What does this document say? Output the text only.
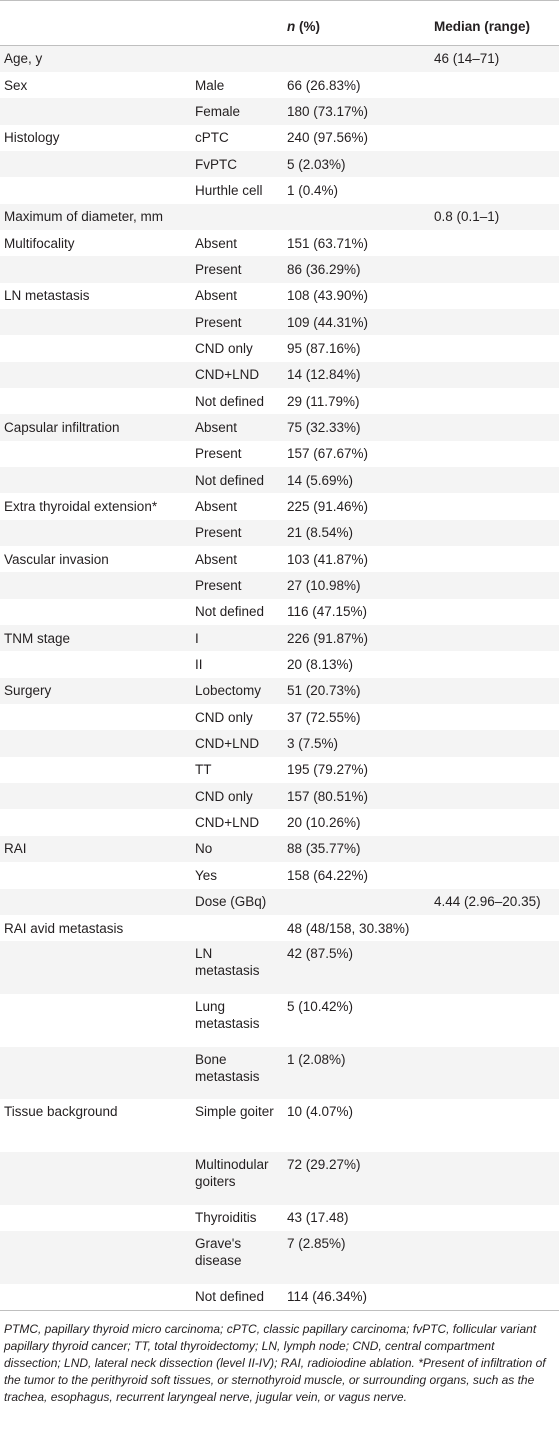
		n (%)	Median (range)
Age, y			46 (14–71)
Sex	Male	66 (26.83%)	
	Female	180 (73.17%)	
Histology	cPTC	240 (97.56%)	
	FvPTC	5 (2.03%)	
	Hurthle cell	1 (0.4%)	
Maximum of diameter, mm			0.8 (0.1–1)
Multifocality	Absent	151 (63.71%)	
	Present	86 (36.29%)	
LN metastasis	Absent	108 (43.90%)	
	Present	109 (44.31%)	
	CND only	95 (87.16%)	
	CND+LND	14 (12.84%)	
	Not defined	29 (11.79%)	
Capsular infiltration	Absent	75 (32.33%)	
	Present	157 (67.67%)	
	Not defined	14 (5.69%)	
Extra thyroidal extension*	Absent	225 (91.46%)	
	Present	21 (8.54%)	
Vascular invasion	Absent	103 (41.87%)	
	Present	27 (10.98%)	
	Not defined	116 (47.15%)	
TNM stage	I	226 (91.87%)	
	II	20 (8.13%)	
Surgery	Lobectomy	51 (20.73%)	
	CND only	37 (72.55%)	
	CND+LND	3 (7.5%)	
	TT	195 (79.27%)	
	CND only	157 (80.51%)	
	CND+LND	20 (10.26%)	
RAI	No	88 (35.77%)	
	Yes	158 (64.22%)	
	Dose (GBq)		4.44 (2.96–20.35)
RAI avid metastasis		48 (48/158, 30.38%)	
	LN metastasis	42 (87.5%)	
	Lung metastasis	5 (10.42%)	
	Bone metastasis	1 (2.08%)	
Tissue background	Simple goiter	10 (4.07%)	
	Multinodular goiters	72 (29.27%)	
	Thyroiditis	43 (17.48)	
	Grave's disease	7 (2.85%)	
	Not defined	114 (46.34%)	
PTMC, papillary thyroid micro carcinoma; cPTC, classic papillary carcinoma; fvPTC, follicular variant papillary thyroid cancer; TT, total thyroidectomy; LN, lymph node; CND, central compartment dissection; LND, lateral neck dissection (level II-IV); RAI, radioiodine ablation. *Present of infiltration of the tumor to the perithyroid soft tissues, or sternothyroid muscle, or surrounding organs, such as the trachea, esophagus, recurrent laryngeal nerve, jugular vein, or vagus nerve.
